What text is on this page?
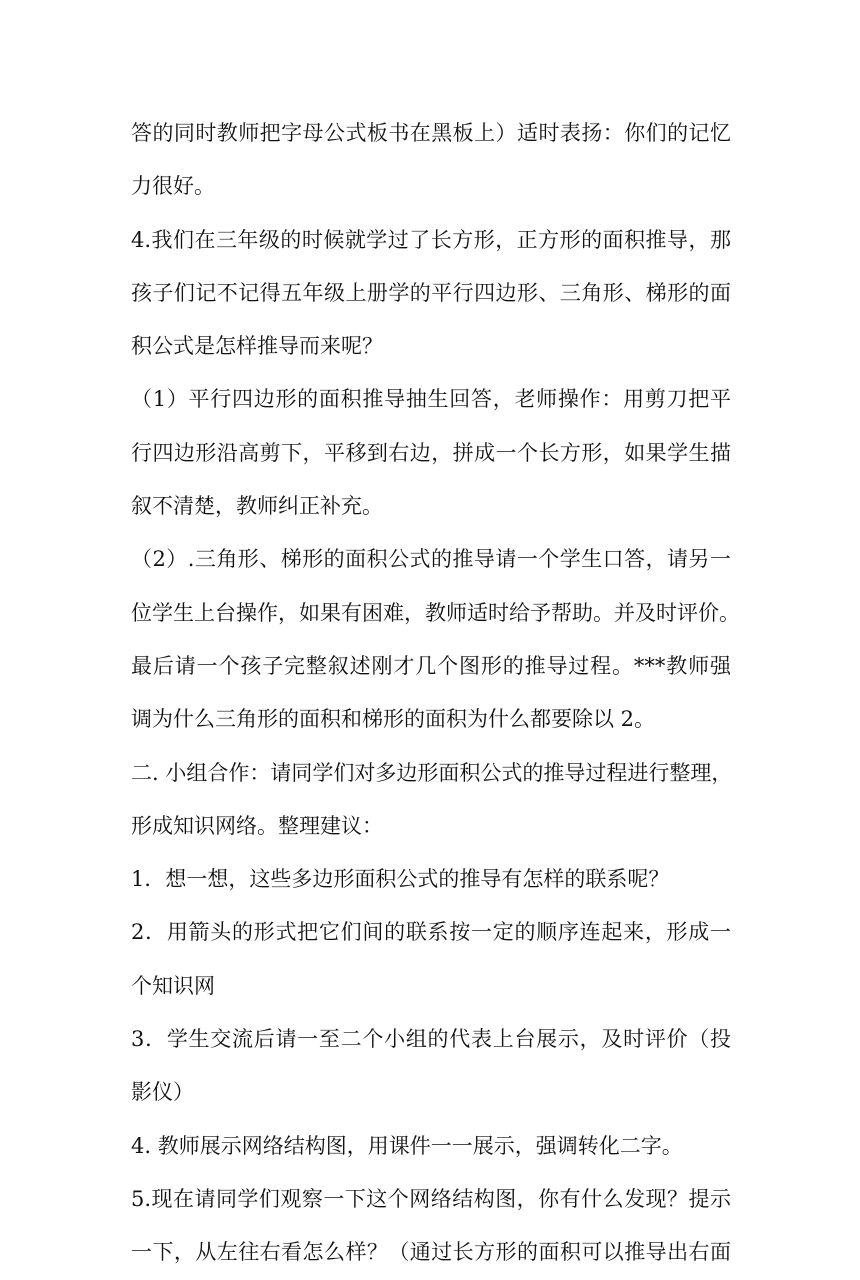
答的同时教师把字母公式板书在黑板上）适时表扬：你们的记忆
力很好。
4.我们在三年级的时候就学过了长方形，正方形的面积推导，那
孩子们记不记得五年级上册学的平行四边形、三角形、梯形的面
积公式是怎样推导而来呢？
（1）平行四边形的面积推导抽生回答，老师操作：用剪刀把平
行四边形沿高剪下，平移到右边，拼成一个长方形，如果学生描
叙不清楚，教师纠正补充。
（2）.三角形、梯形的面积公式的推导请一个学生口答，请另一
位学生上台操作，如果有困难，教师适时给予帮助。并及时评价。
最后请一个孩子完整叙述刚才几个图形的推导过程。***教师强
调为什么三角形的面积和梯形的面积为什么都要除以 2。
二. 小组合作：请同学们对多边形面积公式的推导过程进行整理，
形成知识网络。整理建议：
1．想一想，这些多边形面积公式的推导有怎样的联系呢？
2．用箭头的形式把它们间的联系按一定的顺序连起来，形成一
个知识网
3．学生交流后请一至二个小组的代表上台展示，及时评价（投
影仪）
4. 教师展示网络结构图，用课件一一展示，强调转化二字。
5.现在请同学们观察一下这个网络结构图，你有什么发现？提示
一下，从左往右看怎么样？（通过长方形的面积可以推导出右面
